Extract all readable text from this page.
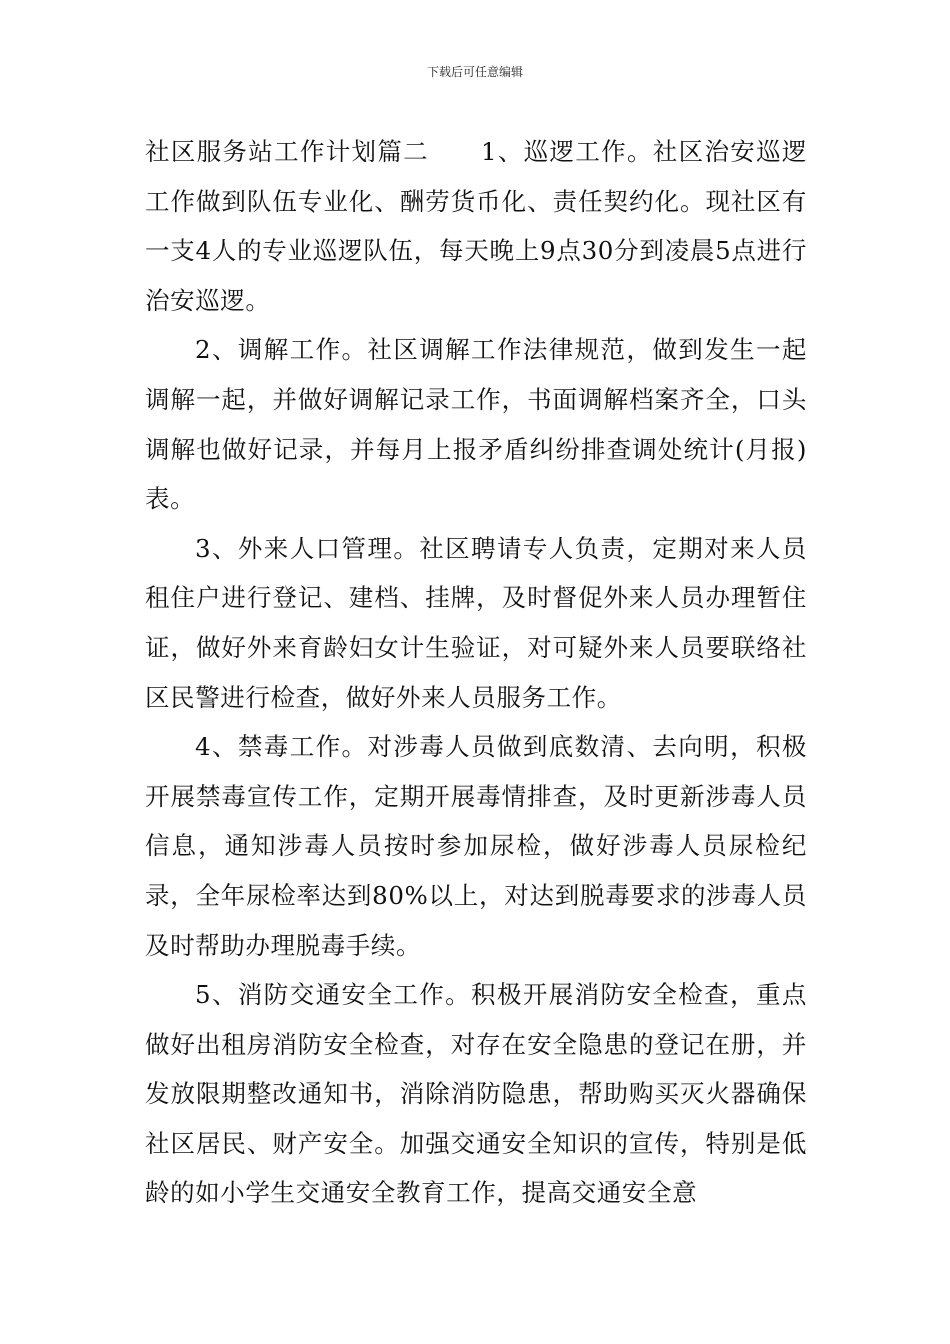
下载后可任意编辑

社区服务站工作计划篇二 1、巡逻工作。社区治安巡逻工作做到队伍专业化、酬劳货币化、责任契约化。现社区有一支4人的专业巡逻队伍，每天晚上9点30分到凌晨5点进行治安巡逻。

2、调解工作。社区调解工作法律规范，做到发生一起调解一起，并做好调解记录工作，书面调解档案齐全，口头调解也做好记录，并每月上报矛盾纠纷排查调处统计(月报)表。

3、外来人口管理。社区聘请专人负责，定期对来人员租住户进行登记、建档、挂牌，及时督促外来人员办理暂住证，做好外来育龄妇女计生验证，对可疑外来人员要联络社区民警进行检查，做好外来人员服务工作。

4、禁毒工作。对涉毒人员做到底数清、去向明，积极开展禁毒宣传工作，定期开展毒情排查，及时更新涉毒人员信息，通知涉毒人员按时参加尿检，做好涉毒人员尿检纪录，全年尿检率达到80%以上，对达到脱毒要求的涉毒人员及时帮助办理脱毒手续。

5、消防交通安全工作。积极开展消防安全检查，重点做好出租房消防安全检查，对存在安全隐患的登记在册，并发放限期整改通知书，消除消防隐患，帮助购买灭火器确保社区居民、财产安全。加强交通安全知识的宣传，特别是低龄的如小学生交通安全教育工作，提高交通安全意
